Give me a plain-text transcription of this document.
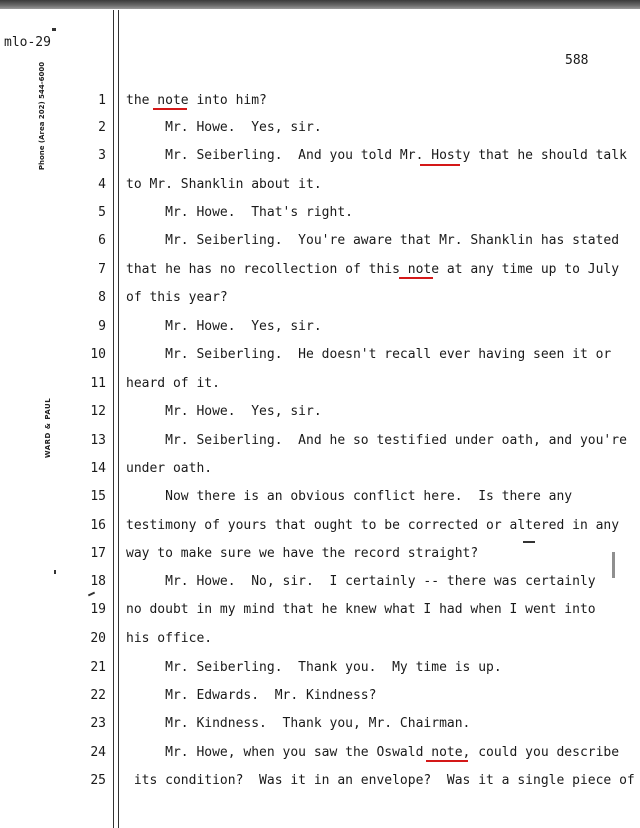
mlo-29
588
Phone (Area 202) 544-6000
WARD & PAUL
1 the note into him?
2 Mr. Howe.  Yes, sir.
3 Mr. Seiberling.  And you told Mr. Hosty that he should talk
4 to Mr. Shanklin about it.
5 Mr. Howe.  That's right.
6 Mr. Seiberling.  You're aware that Mr. Shanklin has stated
7 that he has no recollection of this note at any time up to July
8 of this year?
9 Mr. Howe.  Yes, sir.
10 Mr. Seiberling.  He doesn't recall ever having seen it or
11 heard of it.
12 Mr. Howe.  Yes, sir.
13 Mr. Seiberling.  And he so testified under oath, and you're
14 under oath.
15 Now there is an obvious conflict here.  Is there any
16 testimony of yours that ought to be corrected or altered in any
17 way to make sure we have the record straight?
18 Mr. Howe.  No, sir.  I certainly -- there was certainly
19 no doubt in my mind that he knew what I had when I went into
20 his office.
21 Mr. Seiberling.  Thank you.  My time is up.
22 Mr. Edwards.  Mr. Kindness?
23 Mr. Kindness.  Thank you, Mr. Chairman.
24 Mr. Howe, when you saw the Oswald note, could you describe
25 its condition?  Was it in an envelope?  Was it a single piece of
